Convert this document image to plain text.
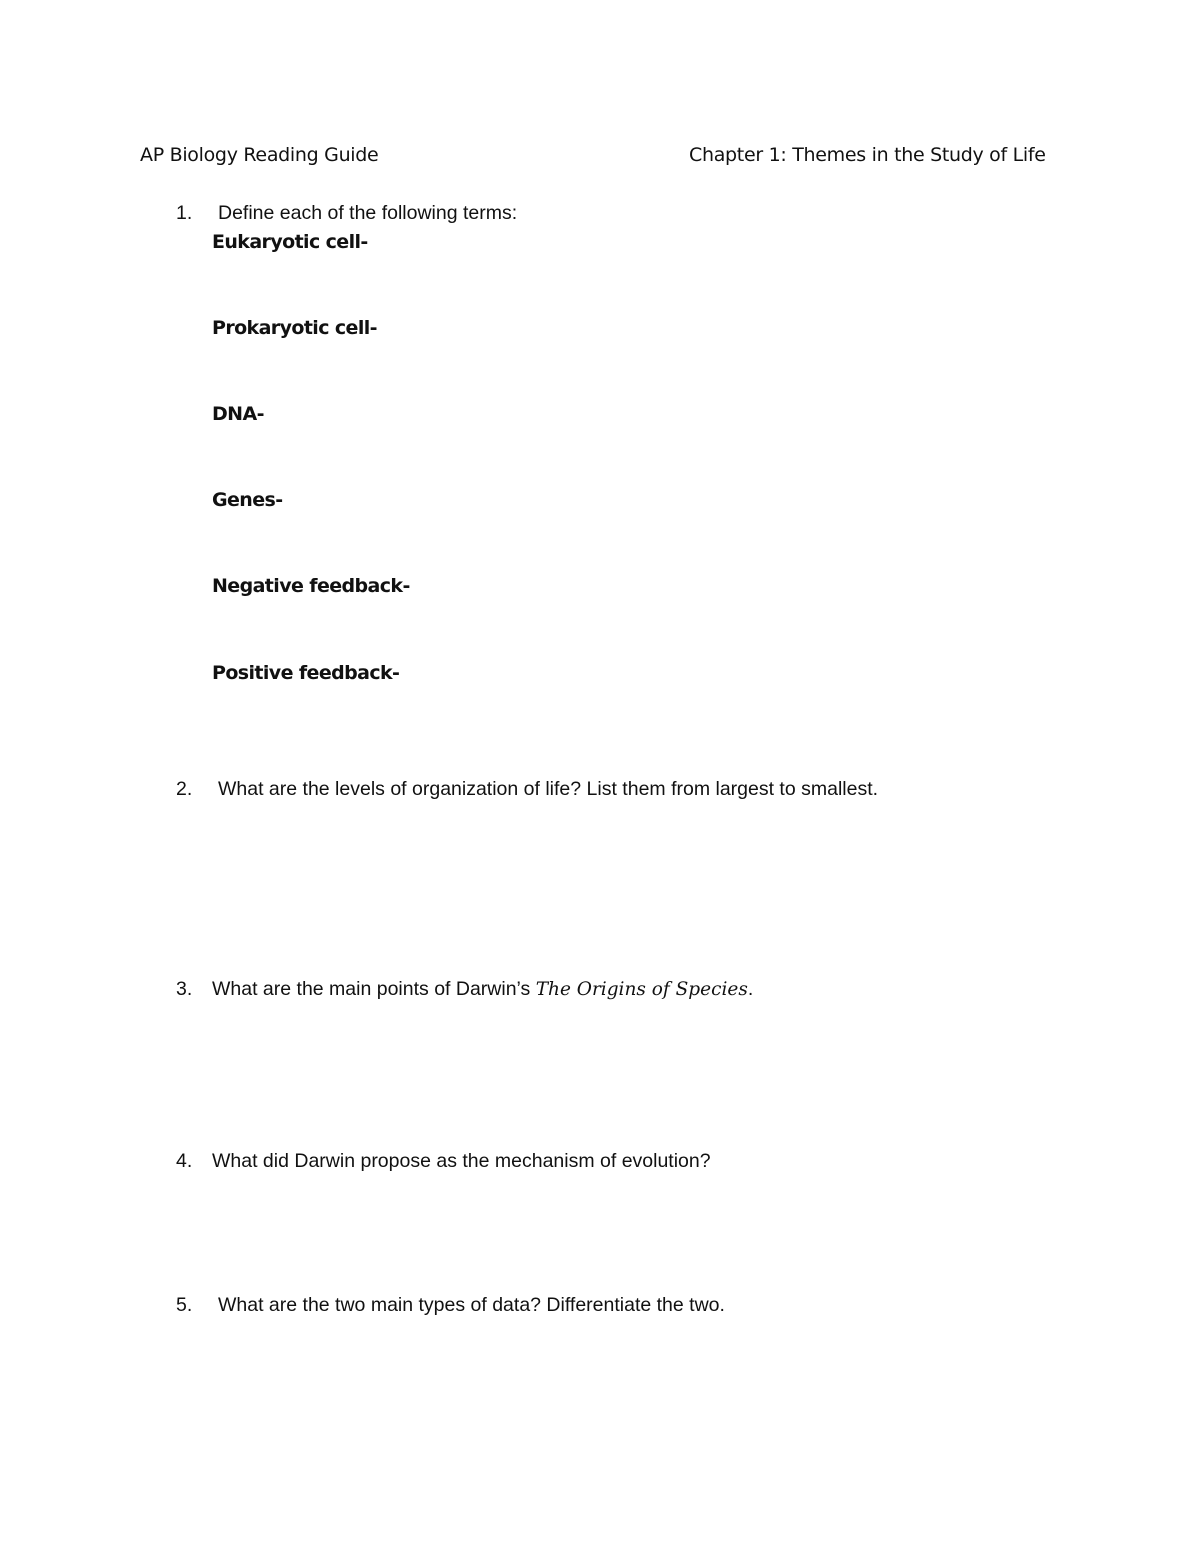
AP Biology Reading Guide	Chapter 1: Themes in the Study of Life
1. Define each of the following terms:
Eukaryotic cell-
Prokaryotic cell-
DNA-
Genes-
Negative feedback-
Positive feedback-
2. What are the levels of organization of life? List them from largest to smallest.
3. What are the main points of Darwin’s The Origins of Species.
4. What did Darwin propose as the mechanism of evolution?
5. What are the two main types of data? Differentiate the two.
